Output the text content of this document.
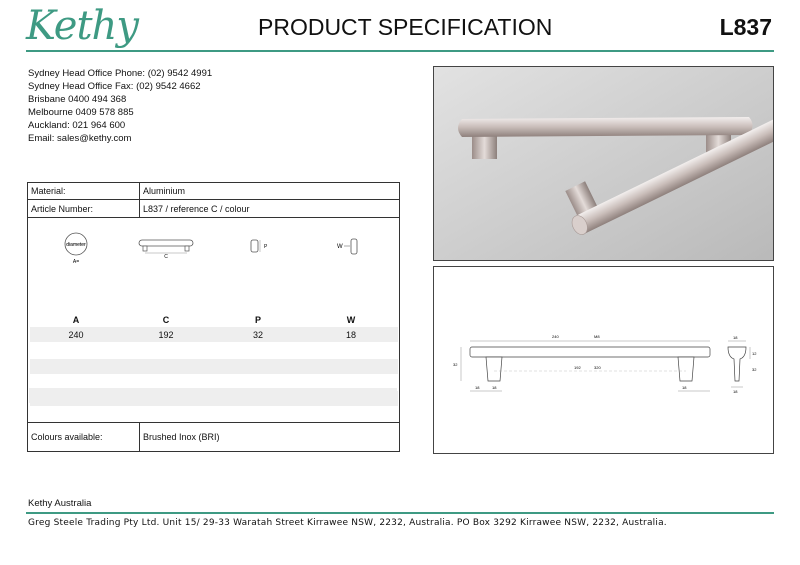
Kethy	PRODUCT SPECIFICATION	L837
Sydney Head Office Phone: (02) 9542 4991
Sydney Head Office Fax: (02) 9542 4662
Brisbane 0400 494 368
Melbourne 0409 578 885
Auckland: 021 964 600
Email: sales@kethy.com
Material:	Aluminium
Article Number:	L837 / reference C / colour
diameter
A=
C
P	W
A	C	P	W
240	192	32	18
Colours available:	Brushed Inox (BRI)
240	M8
192	320
32
18	18	18
18
12
32
18
Kethy Australia
Greg Steele Trading Pty Ltd. Unit 15/ 29-33 Waratah Street Kirrawee NSW, 2232, Australia. PO Box 3292 Kirrawee NSW, 2232, Australia.
